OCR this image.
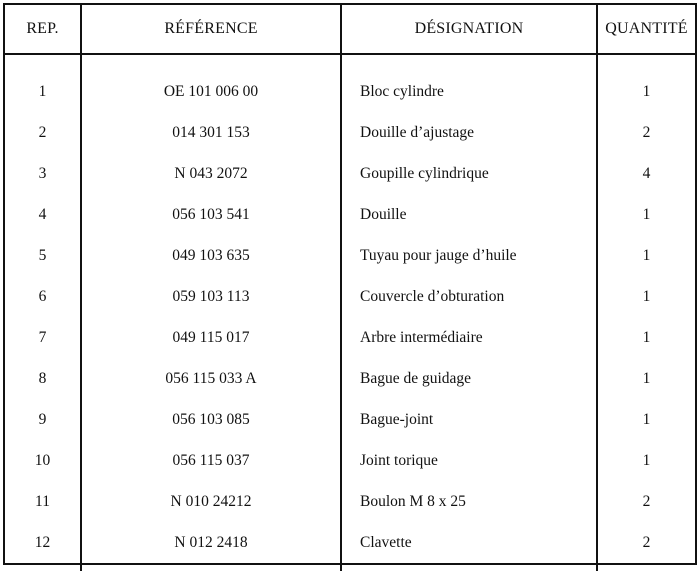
REP.	RÉFÉRENCE	DÉSIGNATION	QUANTITÉ

1	OE 101 006 00	Bloc cylindre	1
2	014 301 153	Douille d’ajustage	2
3	N 043 2072	Goupille cylindrique	4
4	056 103 541	Douille	1
5	049 103 635	Tuyau pour jauge d’huile	1
6	059 103 113	Couvercle d’obturation	1
7	049 115 017	Arbre intermédiaire	1
8	056 115 033 A	Bague de guidage	1
9	056 103 085	Bague-joint	1
10	056 115 037	Joint torique	1
11	N 010 24212	Boulon M 8 x 25	2
12	N 012 2418	Clavette	2
